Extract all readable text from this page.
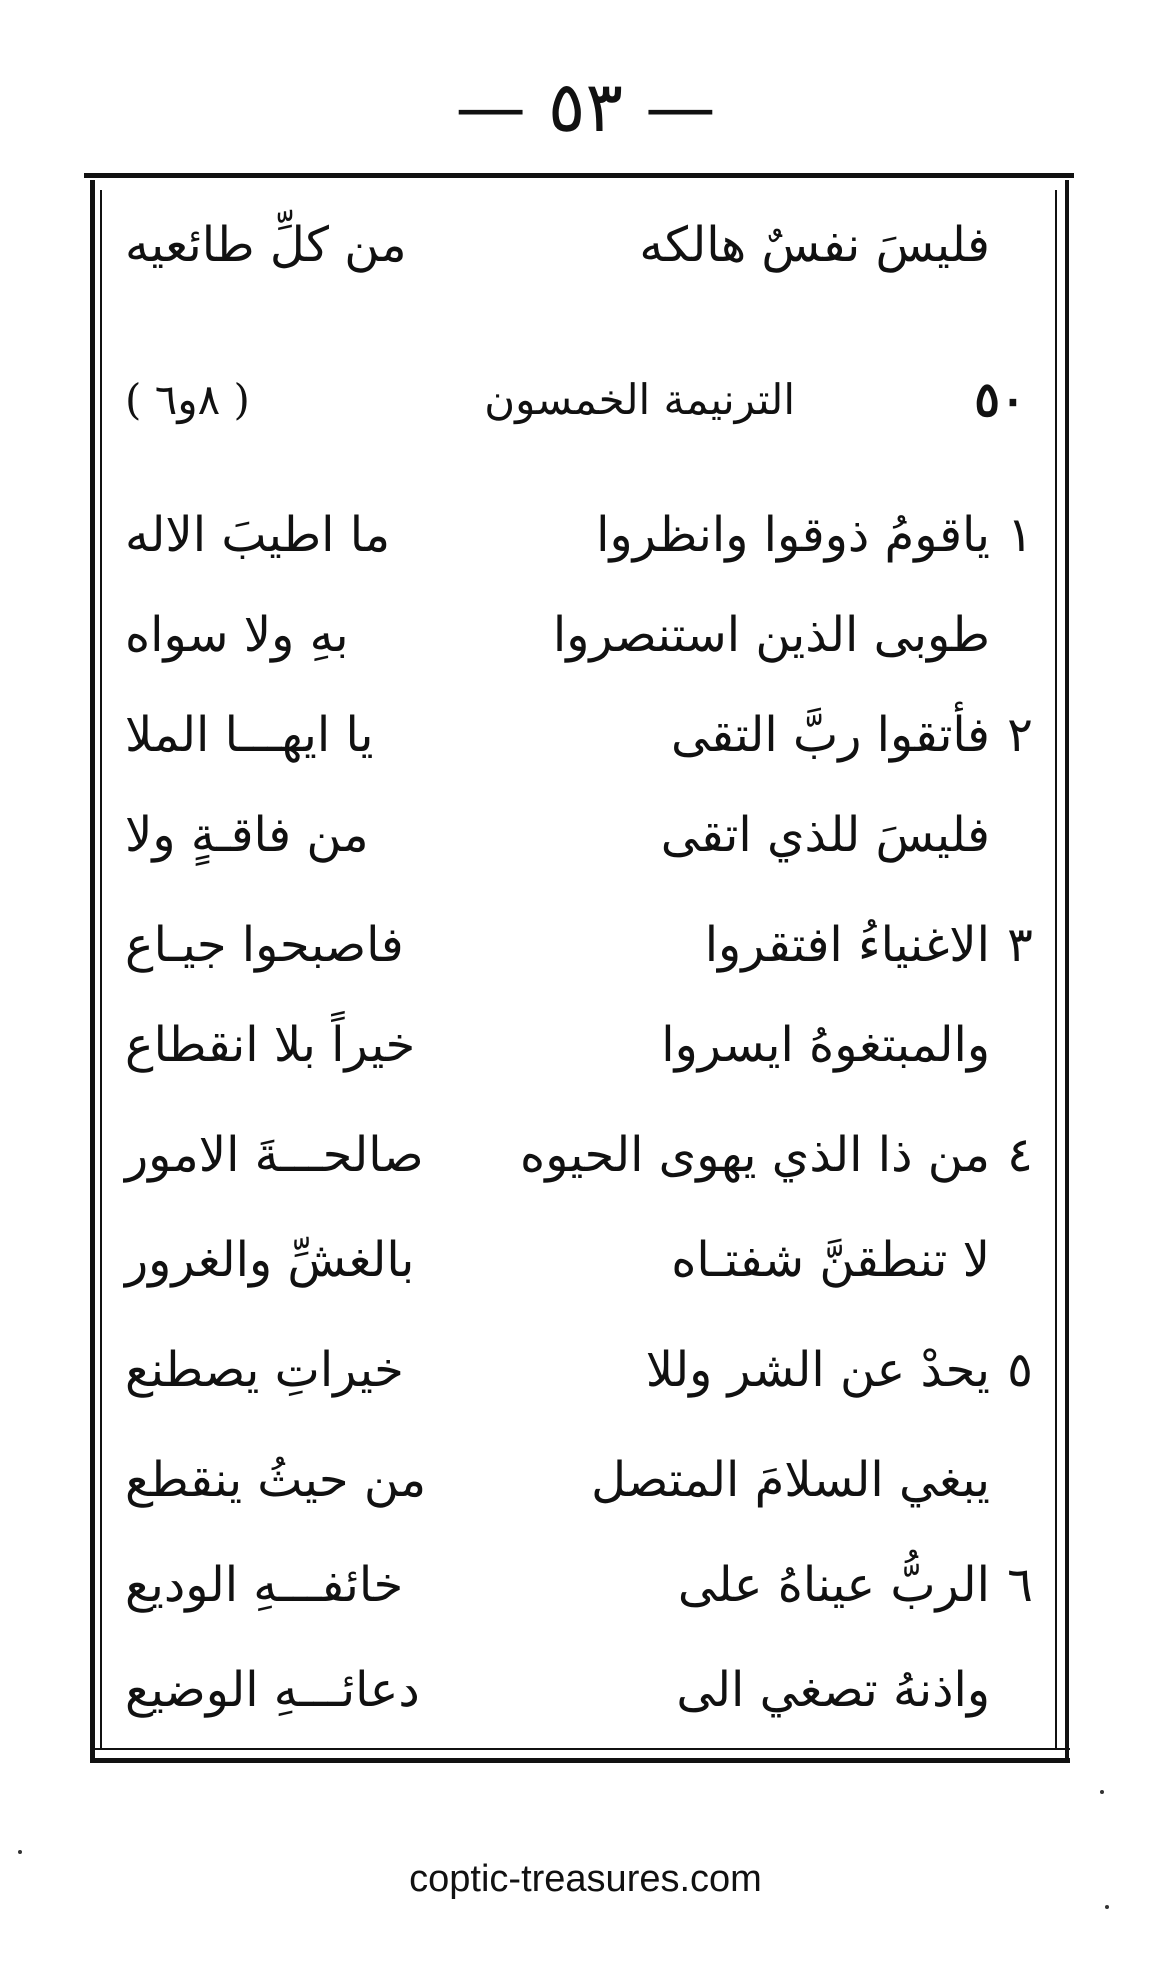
— ٥٣ —
فليسَ نفسٌ هالكه
من كلِّ طائعيه
٥٠
الترنيمة الخمسون
( ٨و٦ )
١
ياقومُ ذوقوا وانظروا
ما اطيبَ الاله
طوبى الذين استنصروا
بهِ ولا سواه
٢
فأتقوا ربَّ التقى
يا ايهـــا الملا
فليسَ للذي اتقى
من فاقـةٍ ولا
٣
الاغنياءُ افتقروا
فاصبحوا جيـاع
والمبتغوهُ ايسروا
خيراً بلا انقطاع
٤
من ذا الذي يهوى الحيوه
صالحـــةَ الامور
لا تنطقنَّ شفتـاه
بالغشِّ والغرور
٥
يحدْ عن الشر وللا
خيراتِ يصطنع
يبغي السلامَ المتصل
من حيثُ ينقطع
٦
الربُّ عيناهُ على
خائفـــهِ الوديع
واذنهُ تصغي الى
دعائـــهِ الوضيع
coptic-treasures.com
